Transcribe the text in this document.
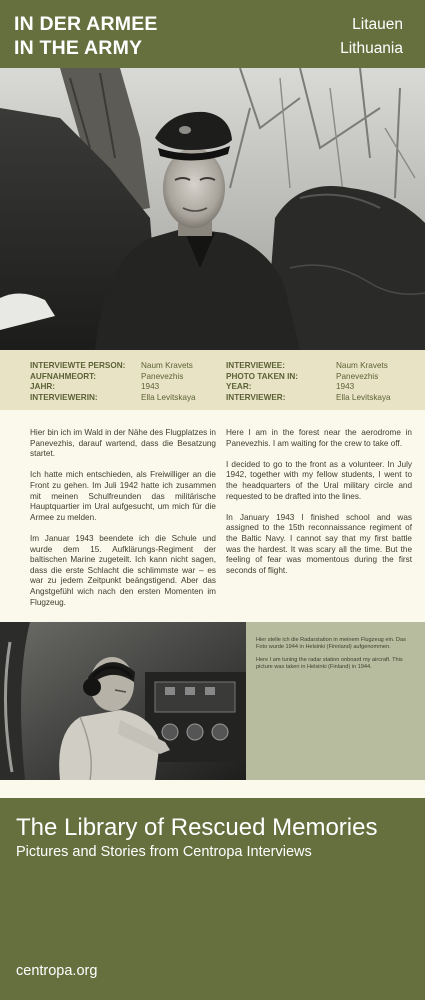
IN DER ARMEE
IN THE ARMY
Litauen
Lithuania
INTERVIEWTE PERSON:
AUFNAHMEORT:
JAHR:
INTERVIEWERIN:
Naum Kravets
Panevezhis
1943
Ella Levitskaya
INTERVIEWEE:
PHOTO TAKEN IN:
YEAR:
INTERVIEWER:
Naum Kravets
Panevezhis
1943
Ella Levitskaya

Hier bin ich im Wald in der Nähe des Flugplatzes in Panevezhis, darauf wartend, dass die Besatzung startet.

Ich hatte mich entschieden, als Freiwilliger an die Front zu gehen. Im Juli 1942 hatte ich zusammen mit meinen Schulfreunden das militärische Hauptquartier im Ural aufgesucht, um mich für die Armee zu melden.

Im Januar 1943 beendete ich die Schule und wurde dem 15. Aufklärungs-Regiment der baltischen Marine zugeteilt. Ich kann nicht sagen, dass die erste Schlacht die schlimmste war – es war zu jedem Zeitpunkt beängstigend. Aber das Angstgefühl wich nach den ersten Momenten im Flugzeug.

Here I am in the forest near the aerodrome in Panevezhis. I am waiting for the crew to take off.

I decided to go to the front as a volunteer. In July 1942, together with my fellow students, I went to the headquarters of the Ural military circle and requested to be drafted into the lines.

In January 1943 I finished school and was assigned to the 15th reconnaissance regiment of the Baltic Navy. I cannot say that my first battle was the hardest. It was scary all the time. But the feeling of fear was momentous during the first seconds of flight.

Hier stelle ich die Radarstation in meinem Flugzeug ein. Das Foto wurde 1944 in Helsinki (Finnland) aufgenommen.

Here I am tuning the radar station onboard my aircraft. This picture was taken in Helsinki (Finland) in 1944.

The Library of Rescued Memories
Pictures and Stories from Centropa Interviews
centropa.org
